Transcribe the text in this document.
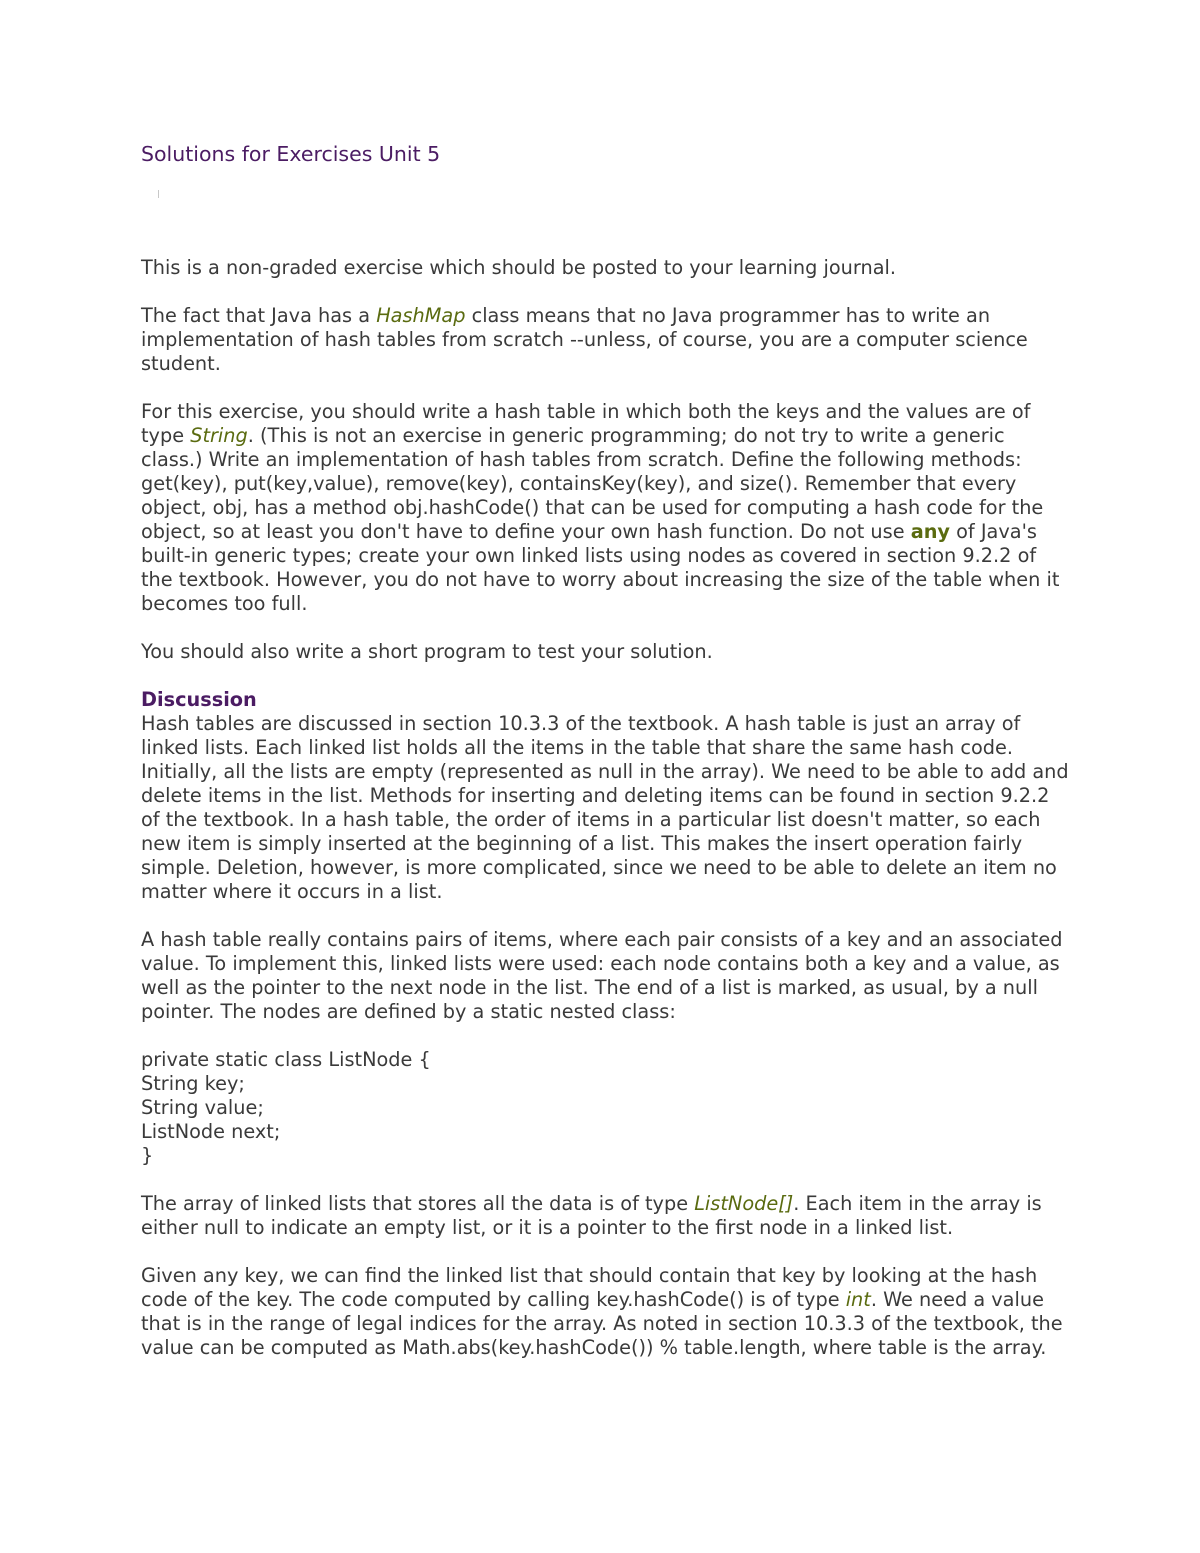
Solutions for Exercises Unit 5

This is a non-graded exercise which should be posted to your learning journal.

The fact that Java has a HashMap class means that no Java programmer has to write an implementation of hash tables from scratch --unless, of course, you are a computer science student.

For this exercise, you should write a hash table in which both the keys and the values are of type String. (This is not an exercise in generic programming; do not try to write a generic class.) Write an implementation of hash tables from scratch. Define the following methods: get(key), put(key,value), remove(key), containsKey(key), and size(). Remember that every object, obj, has a method obj.hashCode() that can be used for computing a hash code for the object, so at least you don't have to define your own hash function. Do not use any of Java's built-in generic types; create your own linked lists using nodes as covered in section 9.2.2 of the textbook. However, you do not have to worry about increasing the size of the table when it becomes too full.

You should also write a short program to test your solution.

Discussion

Hash tables are discussed in section 10.3.3 of the textbook. A hash table is just an array of linked lists. Each linked list holds all the items in the table that share the same hash code. Initially, all the lists are empty (represented as null in the array). We need to be able to add and delete items in the list. Methods for inserting and deleting items can be found in section 9.2.2 of the textbook. In a hash table, the order of items in a particular list doesn't matter, so each new item is simply inserted at the beginning of a list. This makes the insert operation fairly simple. Deletion, however, is more complicated, since we need to be able to delete an item no matter where it occurs in a list.

A hash table really contains pairs of items, where each pair consists of a key and an associated value. To implement this, linked lists were used: each node contains both a key and a value, as well as the pointer to the next node in the list. The end of a list is marked, as usual, by a null pointer. The nodes are defined by a static nested class:

private static class ListNode {
String key;
String value;
ListNode next;
}

The array of linked lists that stores all the data is of type ListNode[]. Each item in the array is either null to indicate an empty list, or it is a pointer to the first node in a linked list.

Given any key, we can find the linked list that should contain that key by looking at the hash code of the key. The code computed by calling key.hashCode() is of type int. We need a value that is in the range of legal indices for the array. As noted in section 10.3.3 of the textbook, the value can be computed as Math.abs(key.hashCode()) % table.length, where table is the array.
